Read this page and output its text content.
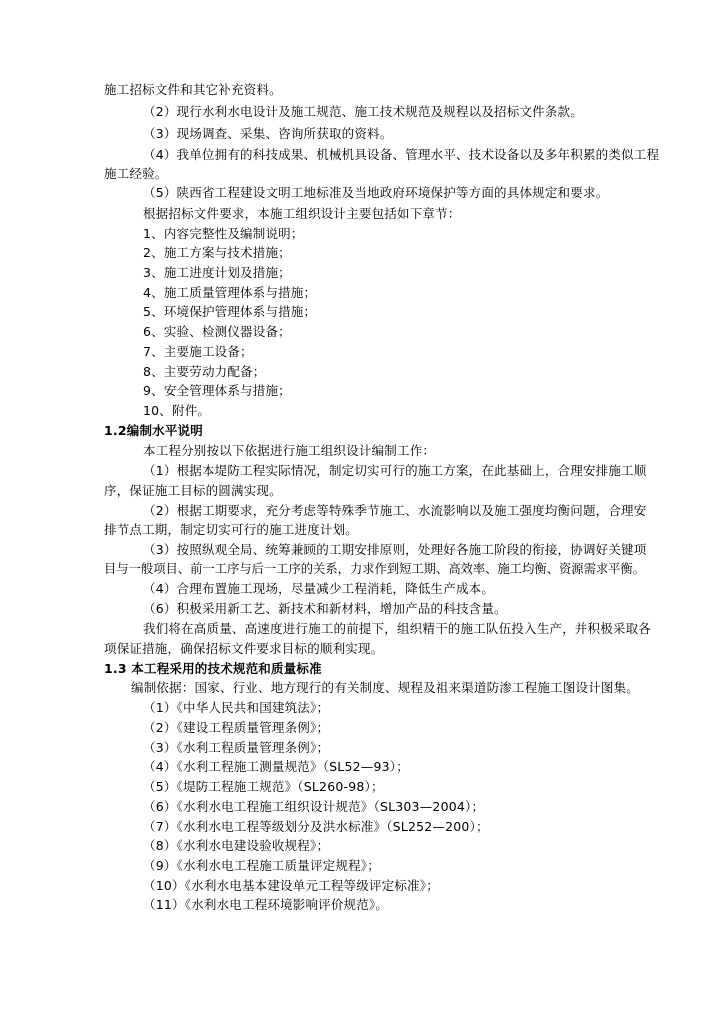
施工招标文件和其它补充资料。
（2）现行水利水电设计及施工规范、施工技术规范及规程以及招标文件条款。
（3）现场调查、采集、咨询所获取的资料。
（4）我单位拥有的科技成果、机械机具设备、管理水平、技术设备以及多年积累的类似工程
施工经验。
（5）陕西省工程建设文明工地标准及当地政府环境保护等方面的具体规定和要求。
根据招标文件要求，本施工组织设计主要包括如下章节：
1、内容完整性及编制说明；
2、施工方案与技术措施；
3、施工进度计划及措施；
4、施工质量管理体系与措施；
5、环境保护管理体系与措施；
6、实验、检测仪器设备；
7、主要施工设备；
8、主要劳动力配备；
9、安全管理体系与措施；
10、附件。
1.2编制水平说明
本工程分别按以下依据进行施工组织设计编制工作：
（1）根据本堤防工程实际情况，制定切实可行的施工方案，在此基础上，合理安排施工顺
序，保证施工目标的圆满实现。
（2）根据工期要求，充分考虑等特殊季节施工、水流影响以及施工强度均衡问题，合理安
排节点工期，制定切实可行的施工进度计划。
（3）按照纵观全局、统筹兼顾的工期安排原则，处理好各施工阶段的衔接，协调好关键项
目与一般项目、前一工序与后一工序的关系，力求作到短工期、高效率、施工均衡、资源需求平衡。
（4）合理布置施工现场，尽量减少工程消耗，降低生产成本。
（6）积极采用新工艺、新技术和新材料，增加产品的科技含量。
我们将在高质量、高速度进行施工的前提下，组织精干的施工队伍投入生产，并积极采取各
项保证措施，确保招标文件要求目标的顺利实现。
1.3 本工程采用的技术规范和质量标准
编制依据：国家、行业、地方现行的有关制度、规程及祖来渠道防渗工程施工图设计图集。
（1）《中华人民共和国建筑法》；
（2）《建设工程质量管理条例》；
（3）《水利工程质量管理条例》；
（4）《水利工程施工测量规范》（SL52—93）；
（5）《堤防工程施工规范》（SL260-98）；
（6）《水利水电工程施工组织设计规范》（SL303—2004）；
（7）《水利水电工程等级划分及洪水标准》（SL252—200）；
（8）《水利水电建设验收规程》；
（9）《水利水电工程施工质量评定规程》；
（10）《水利水电基本建设单元工程等级评定标准》；
（11）《水利水电工程环境影响评价规范》。
